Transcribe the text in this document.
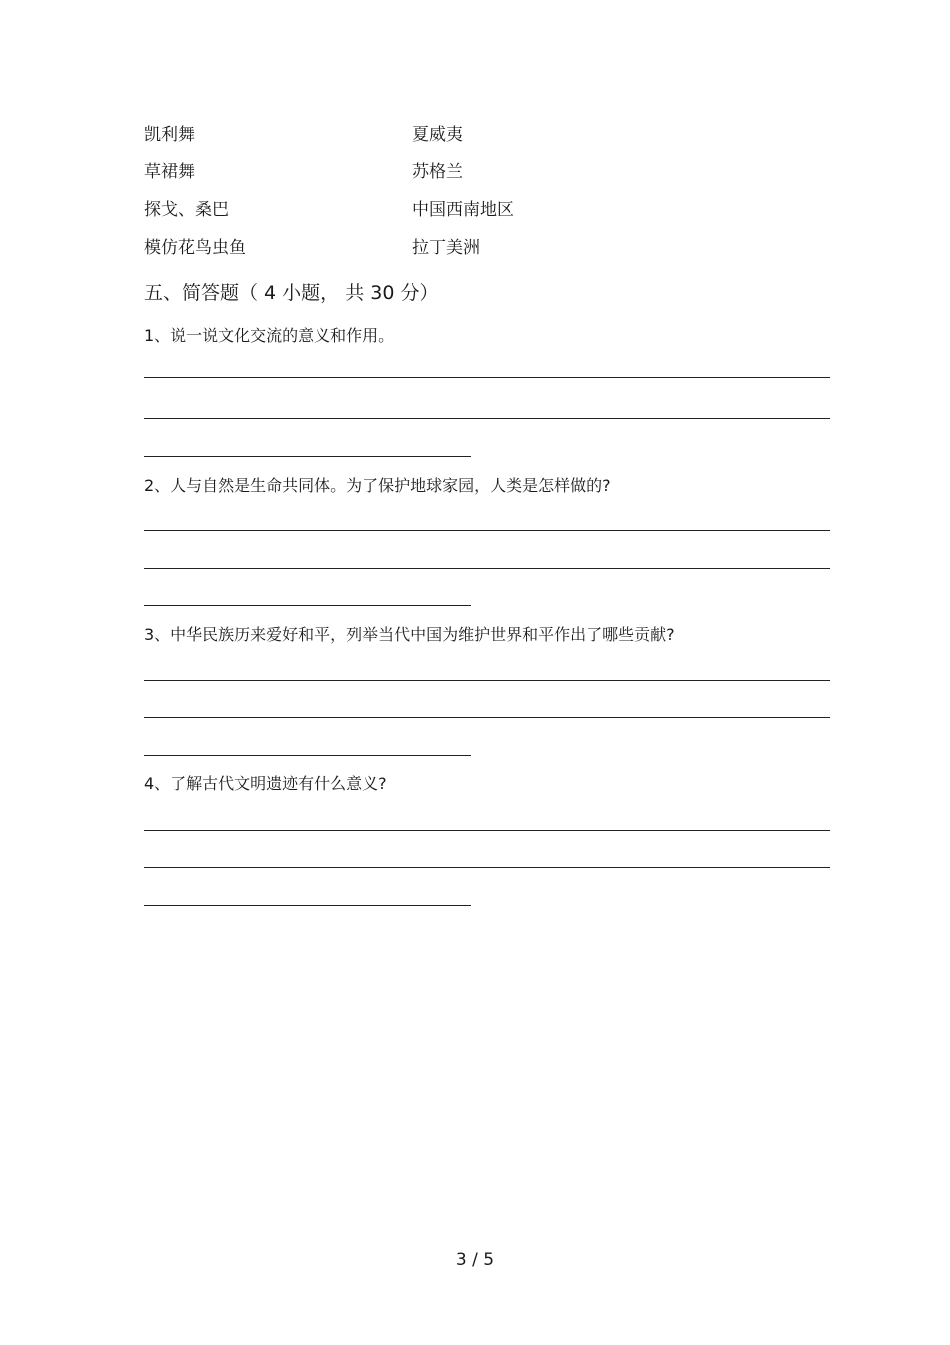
凯利舞	夏威夷
草裙舞	苏格兰
探戈、桑巴	中国西南地区
模仿花鸟虫鱼	拉丁美洲
五、简答题（ 4 小题， 共 30 分）
1、说一说文化交流的意义和作用。
2、人与自然是生命共同体。为了保护地球家园，人类是怎样做的?
3、中华民族历来爱好和平，列举当代中国为维护世界和平作出了哪些贡献?
4、了解古代文明遗迹有什么意义?
3 / 5
